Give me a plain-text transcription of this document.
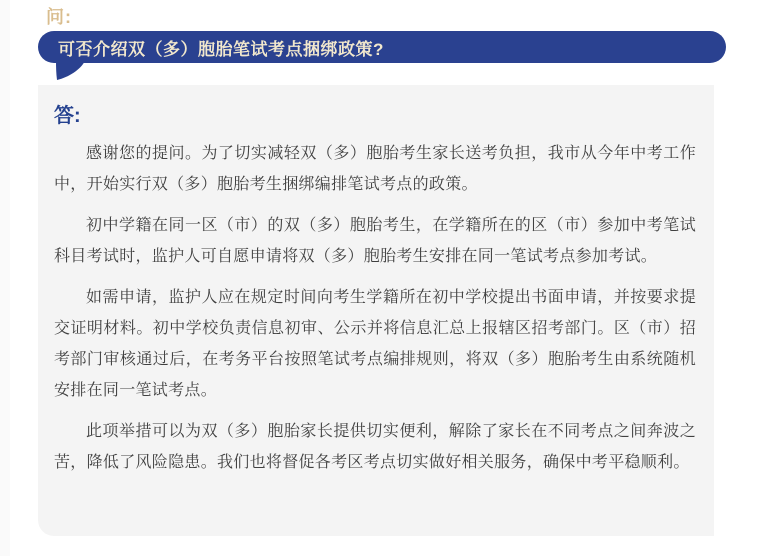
问:
可否介绍双（多）胞胎笔试考点捆绑政策?
答:

感谢您的提问。为了切实减轻双（多）胞胎考生家长送考负担，我市从今年中考工作中，开始实行双（多）胞胎考生捆绑编排笔试考点的政策。

初中学籍在同一区（市）的双（多）胞胎考生，在学籍所在的区（市）参加中考笔试科目考试时，监护人可自愿申请将双（多）胞胎考生安排在同一笔试考点参加考试。

如需申请，监护人应在规定时间向考生学籍所在初中学校提出书面申请，并按要求提交证明材料。初中学校负责信息初审、公示并将信息汇总上报辖区招考部门。区（市）招考部门审核通过后，在考务平台按照笔试考点编排规则，将双（多）胞胎考生由系统随机安排在同一笔试考点。

此项举措可以为双（多）胞胎家长提供切实便利，解除了家长在不同考点之间奔波之苦，降低了风险隐患。我们也将督促各考区考点切实做好相关服务，确保中考平稳顺利。
